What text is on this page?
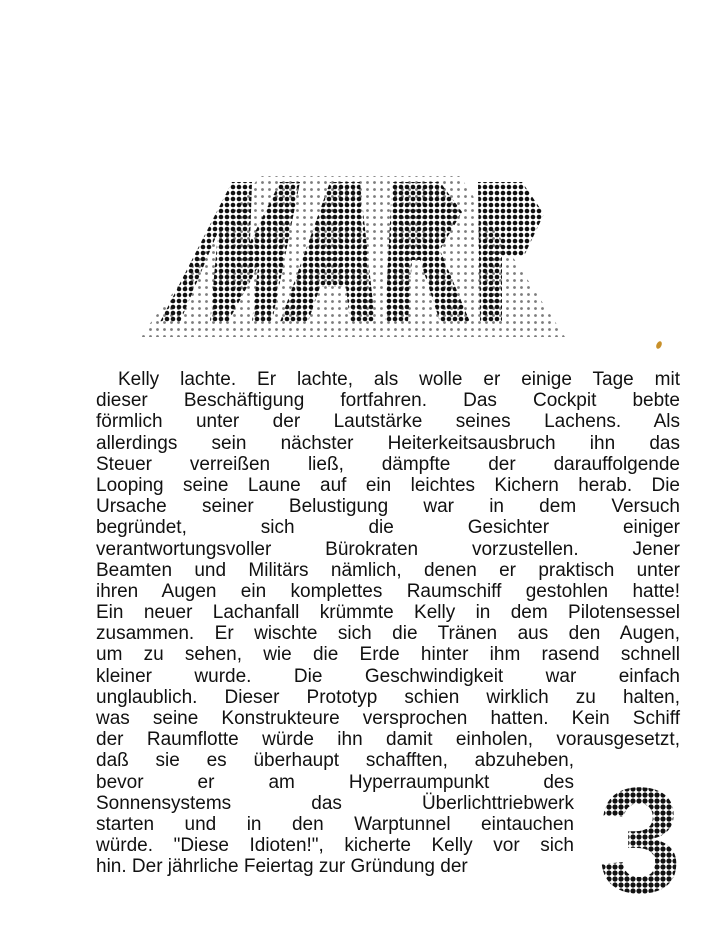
3
Kelly lachte. Er lachte, als wolle er einige Tage mit
dieser Beschäftigung fortfahren. Das Cockpit bebte
förmlich unter der Lautstärke seines Lachens. Als
allerdings sein nächster Heiterkeitsausbruch ihn das
Steuer verreißen ließ, dämpfte der darauffolgende
Looping seine Laune auf ein leichtes Kichern herab. Die
Ursache seiner Belustigung war in dem Versuch
begründet, sich die Gesichter einiger
verantwortungsvoller Bürokraten vorzustellen. Jener
Beamten und Militärs nämlich, denen er praktisch unter
ihren Augen ein komplettes Raumschiff gestohlen hatte!
Ein neuer Lachanfall krümmte Kelly in dem Pilotensessel
zusammen. Er wischte sich die Tränen aus den Augen,
um zu sehen, wie die Erde hinter ihm rasend schnell
kleiner wurde. Die Geschwindigkeit war einfach
unglaublich. Dieser Prototyp schien wirklich zu halten,
was seine Konstrukteure versprochen hatten. Kein Schiff
der Raumflotte würde ihn damit einholen, vorausgesetzt,
daß sie es überhaupt schafften, abzuheben,
bevor er am Hyperraumpunkt des
Sonnensystems das Überlichttriebwerk
starten und in den Warptunnel eintauchen
würde. "Diese Idioten!", kicherte Kelly vor sich
hin. Der jährliche Feiertag zur Gründung der
